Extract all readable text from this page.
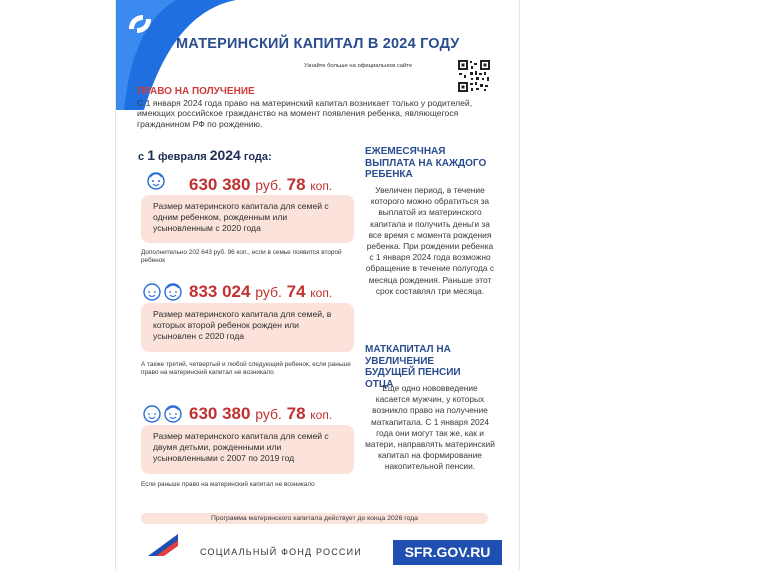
МАТЕРИНСКИЙ КАПИТАЛ В 2024 ГОДУ
Узнайте больше на официальном сайте
ПРАВО НА ПОЛУЧЕНИЕ
С 1 января 2024 года право на материнский капитал возникает только у родителей, имеющих российское гражданство на момент появления ребенка, являющегося гражданином РФ по рождению.
с 1 февраля 2024 года:
630 380 руб. 78 коп.
Размер материнского капитала для семей с одним ребенком, рожденным или усыновленным с 2020 года
Дополнительно 202 643 руб. 96 коп., если в семье появится второй ребенок
833 024 руб. 74 коп.
Размер материнского капитала для семей, в которых второй ребенок рожден или усыновлен с 2020 года
А также третий, четвертый и любой следующий ребенок, если раньше право на материнский капитал не возникало
630 380 руб. 78 коп.
Размер материнского капитала для семей с двумя детьми, рожденными или усыновленными с 2007 по 2019 год
Если раньше право на материнский капитал не возникало
ЕЖЕМЕСЯЧНАЯ ВЫПЛАТА НА КАЖДОГО РЕБЕНКА
Увеличен период, в течение которого можно обратиться за выплатой из материнского капитала и получить деньги за все время с момента рождения ребенка. При рождении ребенка с 1 января 2024 года возможно обращение в течение полугода с месяца рождения. Раньше этот срок составлял три месяца.
МАТКАПИТАЛ НА УВЕЛИЧЕНИЕ БУДУЩЕЙ ПЕНСИИ ОТЦА
Еще одно нововведение касается мужчин, у которых возникло право на получение маткапитала. С 1 января 2024 года они могут так же, как и матери, направлять материнский капитал на формирование накопительной пенсии.
Программа материнского капитала действует до конца 2026 года
СОЦИАЛЬНЫЙ ФОНД РОССИИ	SFR.GOV.RU
